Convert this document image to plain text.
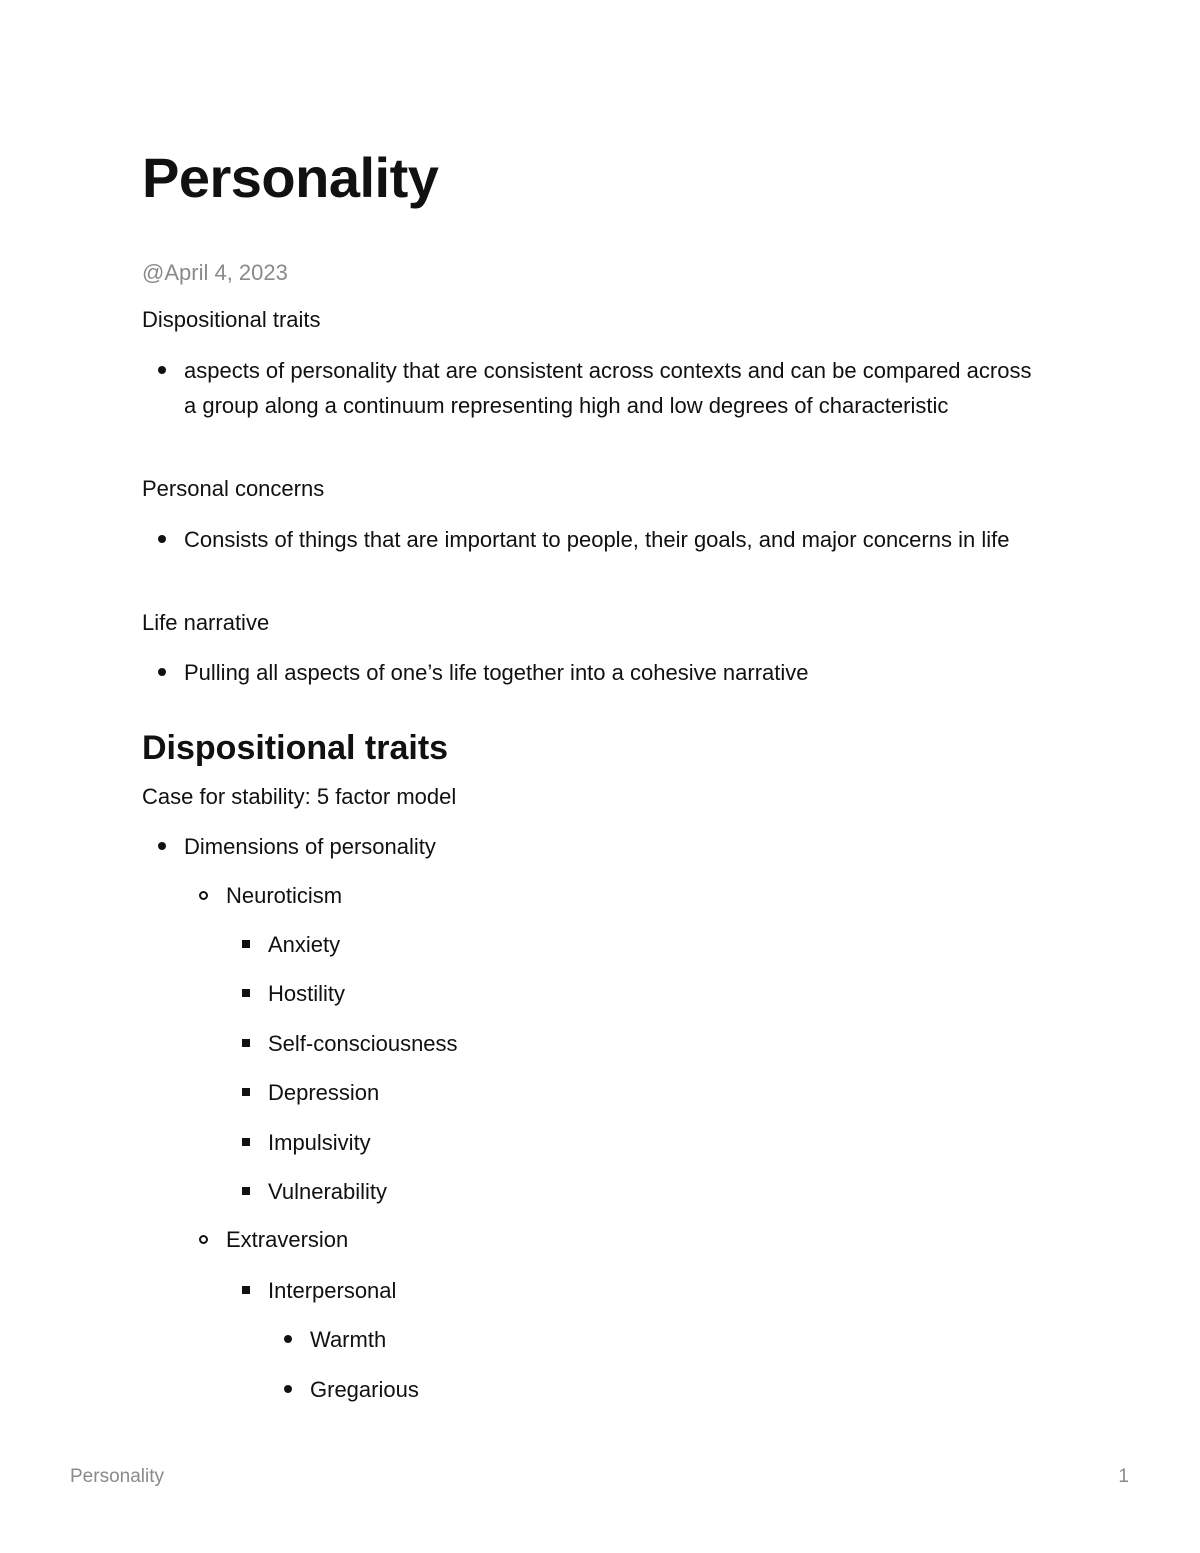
Personality
@April 4, 2023
Dispositional traits
aspects of personality that are consistent across contexts and can be compared across a group along a continuum representing high and low degrees of characteristic
Personal concerns
Consists of things that are important to people, their goals, and major concerns in life
Life narrative
Pulling all aspects of one’s life together into a cohesive narrative
Dispositional traits
Case for stability: 5 factor model
Dimensions of personality
Neuroticism
Anxiety
Hostility
Self-consciousness
Depression
Impulsivity
Vulnerability
Extraversion
Interpersonal
Warmth
Gregarious
Personality	1
